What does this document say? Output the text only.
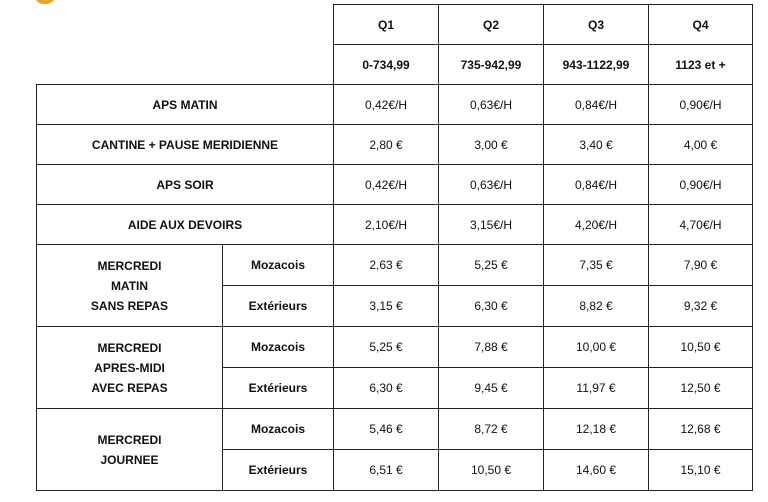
		Q1	Q2	Q3	Q4
		0-734,99	735-942,99	943-1122,99	1123 et +
APS MATIN		0,42€/H	0,63€/H	0,84€/H	0,90€/H
CANTINE + PAUSE MERIDIENNE		2,80 €	3,00 €	3,40 €	4,00 €
APS SOIR		0,42€/H	0,63€/H	0,84€/H	0,90€/H
AIDE AUX DEVOIRS		2,10€/H	3,15€/H	4,20€/H	4,70€/H

MERCREDI
MATIN
SANS REPAS	Mozacois	2,63 €	5,25 €	7,35 €	7,90 €
	Extérieurs	3,15 €	6,30 €	8,82 €	9,32 €

MERCREDI
APRES-MIDI
AVEC REPAS	Mozacois	5,25 €	7,88 €	10,00 €	10,50 €
	Extérieurs	6,30 €	9,45 €	11,97 €	12,50 €

MERCREDI
JOURNEE	Mozacois	5,46 €	8,72 €	12,18 €	12,68 €
	Extérieurs	6,51 €	10,50 €	14,60 €	15,10 €
